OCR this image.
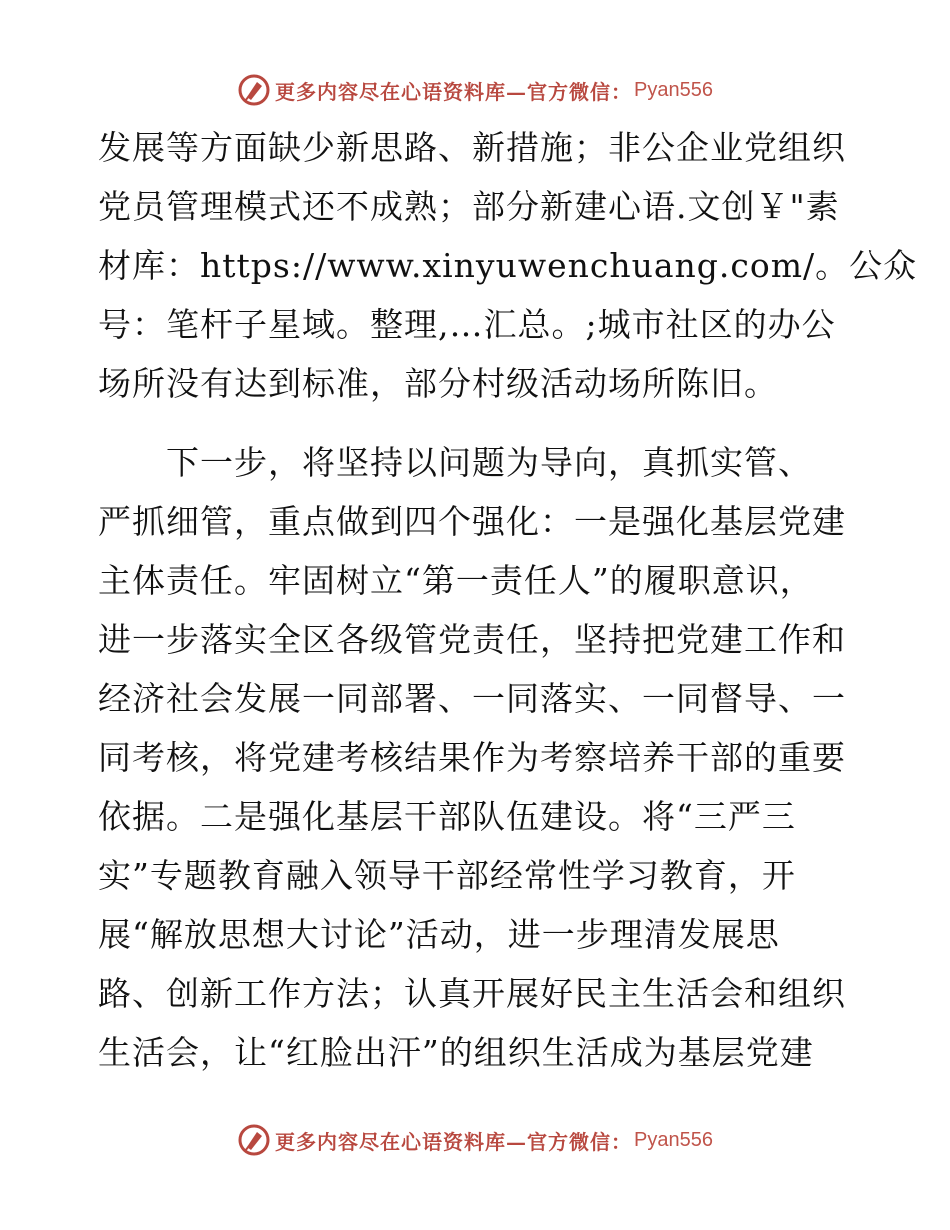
更多内容尽在心语资料库—官方微信： Pyan556
发展等方面缺少新思路、新措施；非公企业党组织
党员管理模式还不成熟；部分新建心语.文创￥"素
材库：https://www.xinyuwenchuang.com/。公众
号：笔杆子星域。整理,…汇总。;城市社区的办公
场所没有达到标准，部分村级活动场所陈旧。
　　下一步，将坚持以问题为导向，真抓实管、
严抓细管，重点做到四个强化：一是强化基层党建
主体责任。牢固树立“第一责任人”的履职意识，
进一步落实全区各级管党责任，坚持把党建工作和
经济社会发展一同部署、一同落实、一同督导、一
同考核，将党建考核结果作为考察培养干部的重要
依据。二是强化基层干部队伍建设。将“三严三
实”专题教育融入领导干部经常性学习教育，开
展“解放思想大讨论”活动，进一步理清发展思
路、创新工作方法；认真开展好民主生活会和组织
生活会，让“红脸出汗”的组织生活成为基层党建
更多内容尽在心语资料库—官方微信： Pyan556
